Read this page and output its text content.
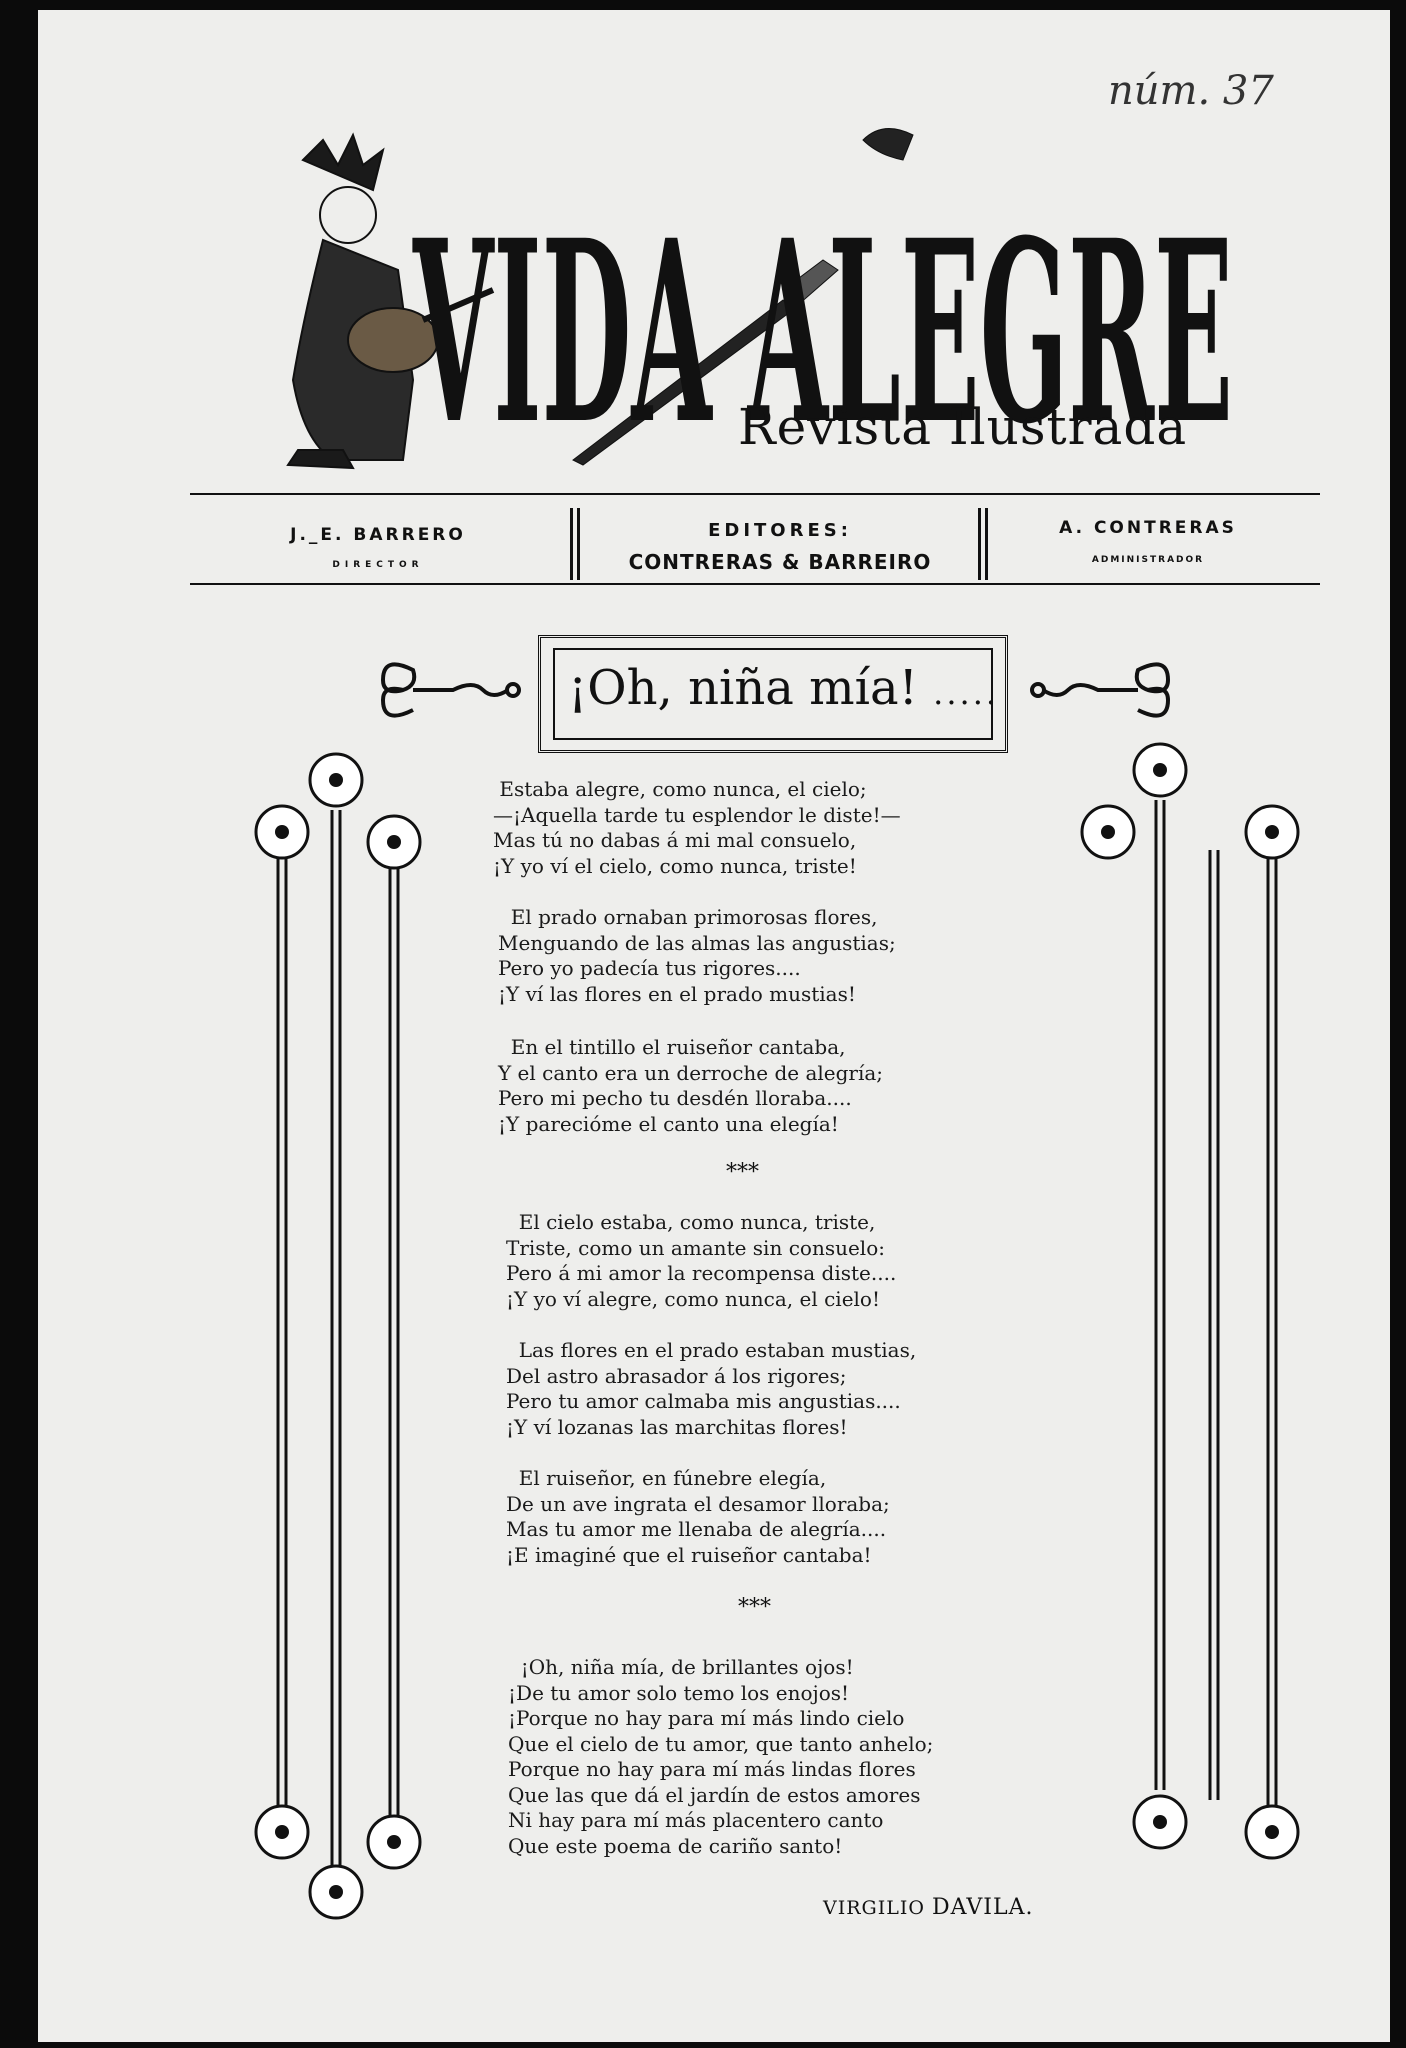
núm. 37
VIDA ALEGRE
Revista Ilustrada
J._E. BARRERO
DIRECTOR
EDITORES:
CONTRERAS & BARREIRO
A. CONTRERAS
ADMINISTRADOR
¡Oh, niña mía! .....
Estaba alegre, como nunca, el cielo;
—¡Aquella tarde tu esplendor le diste!—
Mas tú no dabas á mi mal consuelo,
¡Y yo ví el cielo, como nunca, triste!
El prado ornaban primorosas flores,
Menguando de las almas las angustias;
Pero yo padecía tus rigores....
¡Y ví las flores en el prado mustias!
En el tintillo el ruiseñor cantaba,
Y el canto era un derroche de alegría;
Pero mi pecho tu desdén lloraba....
¡Y parecióme el canto una elegía!
***
El cielo estaba, como nunca, triste,
Triste, como un amante sin consuelo:
Pero á mi amor la recompensa diste....
¡Y yo ví alegre, como nunca, el cielo!
Las flores en el prado estaban mustias,
Del astro abrasador á los rigores;
Pero tu amor calmaba mis angustias....
¡Y ví lozanas las marchitas flores!
El ruiseñor, en fúnebre elegía,
De un ave ingrata el desamor lloraba;
Mas tu amor me llenaba de alegría....
¡E imaginé que el ruiseñor cantaba!
***
¡Oh, niña mía, de brillantes ojos!
¡De tu amor solo temo los enojos!
¡Porque no hay para mí más lindo cielo
Que el cielo de tu amor, que tanto anhelo;
Porque no hay para mí más lindas flores
Que las que dá el jardín de estos amores
Ni hay para mí más placentero canto
Que este poema de cariño santo!
VIRGILIO DAVILA.
